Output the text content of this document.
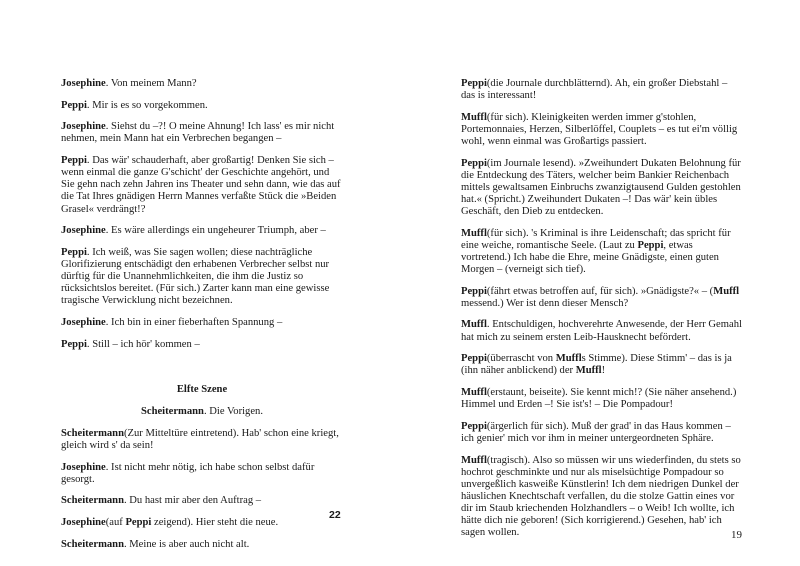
Josephine. Von meinem Mann?

Peppi. Mir is es so vorgekommen.

Josephine. Siehst du –?! O meine Ahnung! Ich lass' es mir nicht nehmen, mein Mann hat ein Verbrechen begangen –

Peppi. Das wär' schauderhaft, aber großartig! Denken Sie sich – wenn einmal die ganze G'schicht' der Geschichte angehört, und Sie gehn nach zehn Jahren ins Theater und sehn dann, wie das auf die Tat Ihres gnädigen Herrn Mannes verfaßte Stück die »Beiden Grasel« verdrängt!?

Josephine. Es wäre allerdings ein ungeheurer Triumph, aber –

Peppi. Ich weiß, was Sie sagen wollen; diese nachträgliche Glorifizierung entschädigt den erhabenen Verbrecher selbst nur dürftig für die Unannehmlichkeiten, die ihm die Justiz so rücksichtslos bereitet. (Für sich.) Zarter kann man eine gewisse tragische Verwicklung nicht bezeichnen.

Josephine. Ich bin in einer fieberhaften Spannung –

Peppi. Still – ich hör' kommen –

Elfte Szene

Scheitermann. Die Vorigen.

Scheitermann(Zur Mitteltüre eintretend). Hab' schon eine kriegt, gleich wird s' da sein!

Josephine. Ist nicht mehr nötig, ich habe schon selbst dafür gesorgt.

Scheitermann. Du hast mir aber den Auftrag –

Josephine(auf Peppi zeigend). Hier steht die neue.

Scheitermann. Meine is aber auch nicht alt.

22

Peppi(die Journale durchblätternd). Ah, ein großer Diebstahl – das is interessant!

Muffl(für sich). Kleinigkeiten werden immer g'stohlen, Portemonnaies, Herzen, Silberlöffel, Couplets – es tut ei'm völlig wohl, wenn einmal was Großartigs passiert.

Peppi(im Journale lesend). »Zweihundert Dukaten Belohnung für die Entdeckung des Täters, welcher beim Bankier Reichenbach mittels gewaltsamen Einbruchs zwanzigtausend Gulden gestohlen hat.« (Spricht.) Zweihundert Dukaten –! Das wär' kein übles Geschäft, den Dieb zu entdecken.

Muffl(für sich). 's Kriminal is ihre Leidenschaft; das spricht für eine weiche, romantische Seele. (Laut zu Peppi, etwas vortretend.) Ich habe die Ehre, meine Gnädigste, einen guten Morgen – (verneigt sich tief).

Peppi(fährt etwas betroffen auf, für sich). »Gnädigste?« – (Muffl messend.) Wer ist denn dieser Mensch?

Muffl. Entschuldigen, hochverehrte Anwesende, der Herr Gemahl hat mich zu seinem ersten Leib-Hausknecht befördert.

Peppi(überrascht von Muffls Stimme). Diese Stimm' – das is ja (ihn näher anblickend) der Muffl!

Muffl(erstaunt, beiseite). Sie kennt mich!? (Sie näher ansehend.) Himmel und Erden –! Sie ist's! – Die Pompadour!

Peppi(ärgerlich für sich). Muß der grad' in das Haus kommen – ich genier' mich vor ihm in meiner untergeordneten Sphäre.

Muffl(tragisch). Also so müssen wir uns wiederfinden, du stets so hochrot geschminkte und nur als miselsüchtige Pompadour so unvergeßlich kasweiße Künstlerin! Ich dem niedrigen Dunkel der häuslichen Knechtschaft verfallen, du die stolze Gattin eines vor dir im Staub kriechenden Holzhandlers – o Weib! Ich wollte, ich hätte dich nie geboren! (Sich korrigierend.) Gesehen, hab' ich sagen wollen.	19
